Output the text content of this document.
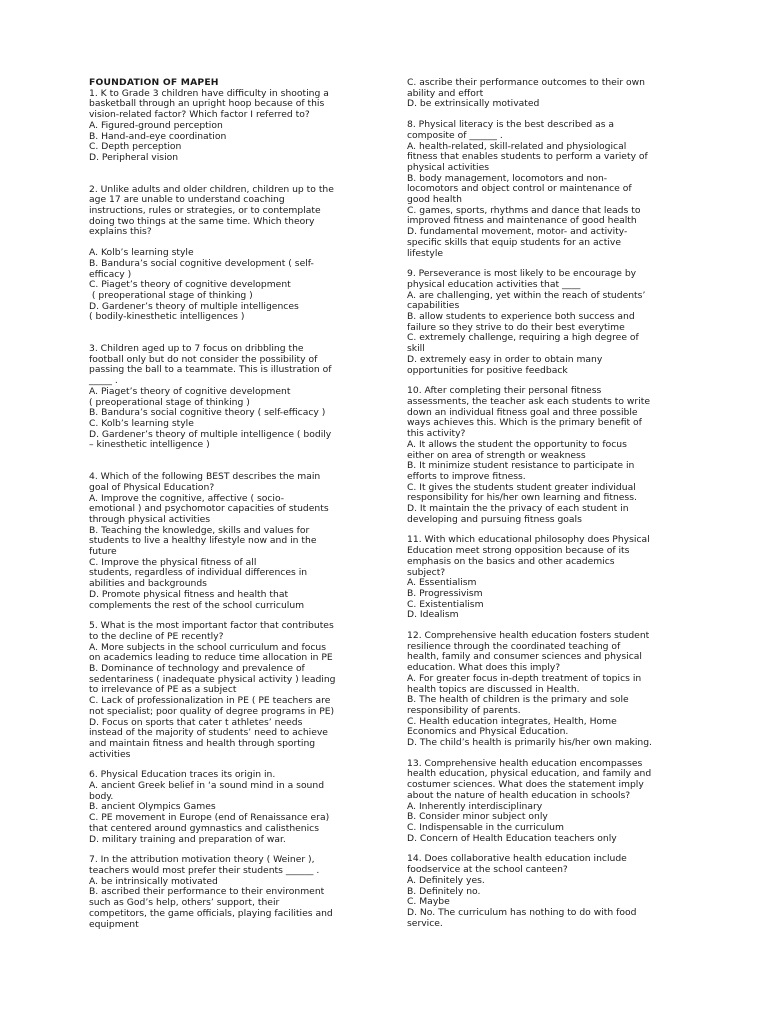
FOUNDATION OF MAPEH
1. K to Grade 3 children have difficulty in shooting a
basketball through an upright hoop because of this
vision-related factor? Which factor I referred to?
A. Figured-ground perception
B. Hand-and-eye coordination
C. Depth perception
D. Peripheral vision
2. Unlike adults and older children, children up to the
age 17 are unable to understand coaching
instructions, rules or strategies, or to contemplate
doing two things at the same time. Which theory
explains this?
A. Kolb’s learning style
B. Bandura’s social cognitive development ( self-
efficacy )
C. Piaget’s theory of cognitive development
( preoperational stage of thinking )
D. Gardener’s theory of multiple intelligences
( bodily-kinesthetic intelligences )
3. Children aged up to 7 focus on dribbling the
football only but do not consider the possibility of
passing the ball to a teammate. This is illustration of
_____ .
A. Piaget’s theory of cognitive development
( preoperational stage of thinking )
B. Bandura’s social cognitive theory ( self-efficacy )
C. Kolb’s learning style
D. Gardener’s theory of multiple intelligence ( bodily
– kinesthetic intelligence )
4. Which of the following BEST describes the main
goal of Physical Education?
A. Improve the cognitive, affective ( socio-
emotional ) and psychomotor capacities of students
through physical activities
B. Teaching the knowledge, skills and values for
students to live a healthy lifestyle now and in the
future
C. Improve the physical fitness of all
students, regardless of individual differences in
abilities and backgrounds
D. Promote physical fitness and health that
complements the rest of the school curriculum
5. What is the most important factor that contributes
to the decline of PE recently?
A. More subjects in the school curriculum and focus
on academics leading to reduce time allocation in PE
B. Dominance of technology and prevalence of
sedentariness ( inadequate physical activity ) leading
to irrelevance of PE as a subject
C. Lack of professionalization in PE ( PE teachers are
not specialist; poor quality of degree programs in PE)
D. Focus on sports that cater t athletes’ needs
instead of the majority of students’ need to achieve
and maintain fitness and health through sporting
activities
6. Physical Education traces its origin in.
A. ancient Greek belief in ‘a sound mind in a sound
body.
B. ancient Olympics Games
C. PE movement in Europe (end of Renaissance era)
that centered around gymnastics and calisthenics
D. military training and preparation of war.
7. In the attribution motivation theory ( Weiner ),
teachers would most prefer their students ______ .
A. be intrinsically motivated
B. ascribed their performance to their environment
such as God’s help, others’ support, their
competitors, the game officials, playing facilities and
equipment
C. ascribe their performance outcomes to their own
ability and effort
D. be extrinsically motivated
8. Physical literacy is the best described as a
composite of ______ .
A. health-related, skill-related and physiological
fitness that enables students to perform a variety of
physical activities
B. body management, locomotors and non-
locomotors and object control or maintenance of
good health
C. games, sports, rhythms and dance that leads to
improved fitness and maintenance of good health
D. fundamental movement, motor- and activity-
specific skills that equip students for an active
lifestyle
9. Perseverance is most likely to be encourage by
physical education activities that ____
A. are challenging, yet within the reach of students’
capabilities
B. allow students to experience both success and
failure so they strive to do their best everytime
C. extremely challenge, requiring a high degree of
skill
D. extremely easy in order to obtain many
opportunities for positive feedback
10. After completing their personal fitness
assessments, the teacher ask each students to write
down an individual fitness goal and three possible
ways achieves this. Which is the primary benefit of
this activity?
A. It allows the student the opportunity to focus
either on area of strength or weakness
B. It minimize student resistance to participate in
efforts to improve fitness.
C. It gives the students student greater individual
responsibility for his/her own learning and fitness.
D. It maintain the the privacy of each student in
developing and pursuing fitness goals
11. With which educational philosophy does Physical
Education meet strong opposition because of its
emphasis on the basics and other academics
subject?
A. Essentialism
B. Progressivism
C. Existentialism
D. Idealism
12. Comprehensive health education fosters student
resilience through the coordinated teaching of
health, family and consumer sciences and physical
education. What does this imply?
A. For greater focus in-depth treatment of topics in
health topics are discussed in Health.
B. The health of children is the primary and sole
responsibility of parents.
C. Health education integrates, Health, Home
Economics and Physical Education.
D. The child’s health is primarily his/her own making.
13. Comprehensive health education encompasses
health education, physical education, and family and
costumer sciences. What does the statement imply
about the nature of health education in schools?
A. Inherently interdisciplinary
B. Consider minor subject only
C. Indispensable in the curriculum
D. Concern of Health Education teachers only
14. Does collaborative health education include
foodservice at the school canteen?
A. Definitely yes.
B. Definitely no.
C. Maybe
D. No. The curriculum has nothing to do with food
service.
